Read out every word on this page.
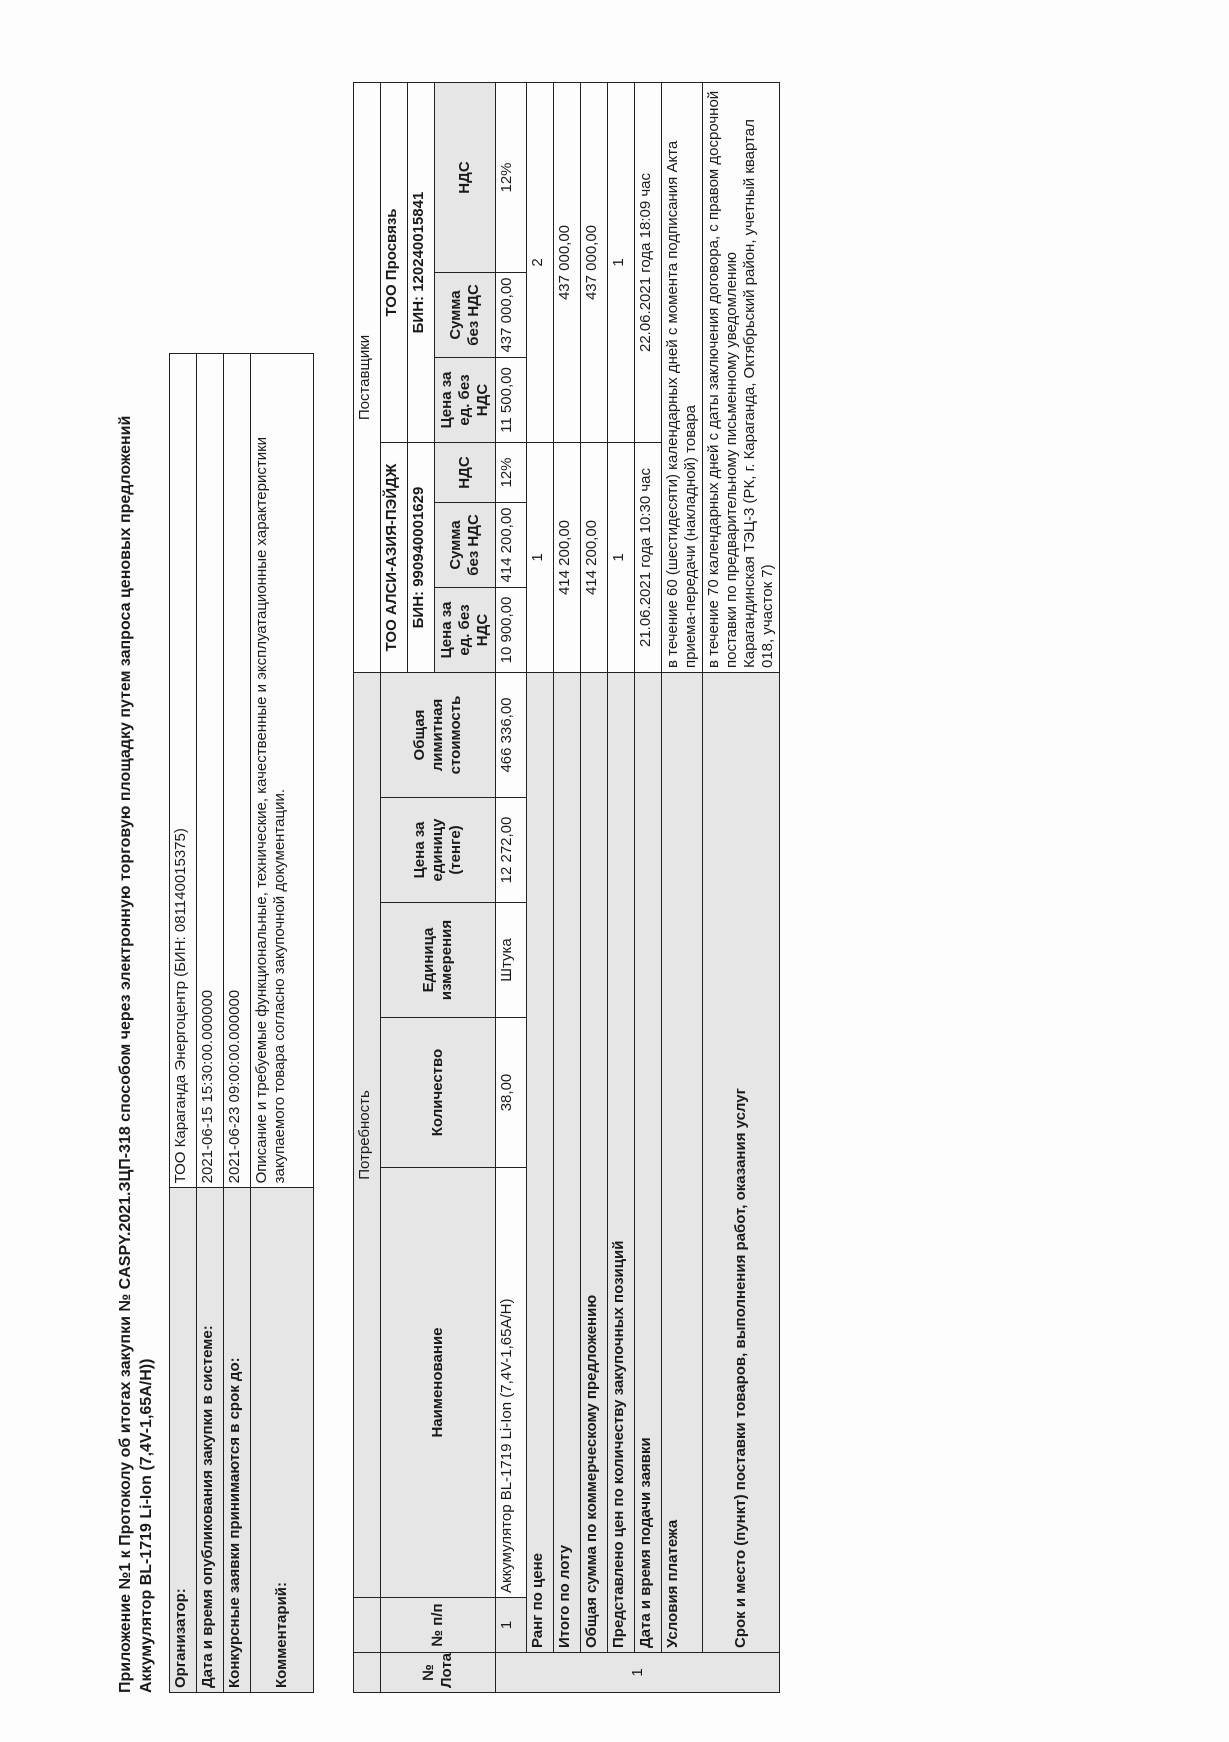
Приложение №1 к Протоколу об итогах закупки № CASPY.2021.ЗЦП-318 способом через электронную торговую площадку путем запроса ценовых предложений Аккумулятор BL-1719 Li-Ion (7,4V-1,65A/H)) Организатор:	ТОО Караганда Энергоцентр (БИН: 081140015375)
Дата и время опубликования закупки в системе:	2021-06-15 15:30:00.000000
Конкурсные заявки принимаются в срок до:	2021-06-23 09:00:00.000000
Комментарий:	Описание и требуемые функциональные, технические, качественные и эксплуатационные характеристики закупаемого товара согласно закупочной документации.
			Потребность					Поставщики					
№ Лота	№ п/п	Наименование	Количество	Единица измерения	Цена за единицу (тенге)	Общая лимитная стоимость	ТОО АЛСИ-АЗИЯ-ПЭЙДЖ			ТОО Просвязь		
							БИН: 990940001629			БИН: 120240015841		
							Цена за ед. без НДС	Сумма без НДС	НДС	Цена за ед. без НДС	Сумма без НДС	НДС
1	1	Аккумулятор BL-1719 Li-Ion (7,4V-1,65A/H)	38,00	Штука	12 272,00	466 336,00	10 900,00	414 200,00	12%	11 500,00	437 000,00	12%
	Ранг по цене						1			2		
	Итого по лоту						414 200,00			437 000,00		
	Общая сумма по коммерческому предложению						414 200,00			437 000,00		
	Представлено цен по количеству закупочных позиций						1			1		
	Дата и время подачи заявки						21.06.2021 года 10:30 час			22.06.2021 года 18:09 час		
	Условия платежа						в течение 60 (шестидесяти) календарных дней с момента подписания Акта приема-передачи (накладной) товара					
	Срок и место (пункт) поставки товаров, выполнения работ, оказания услуг						в течение 70 календарных дней с даты заключения договора, с правом досрочной поставки по предварительному письменному уведомлению Карагандинская ТЭЦ-3 (РК, г. Караганда, Октябрьский район, учетный квартал 018, участок 7)					
